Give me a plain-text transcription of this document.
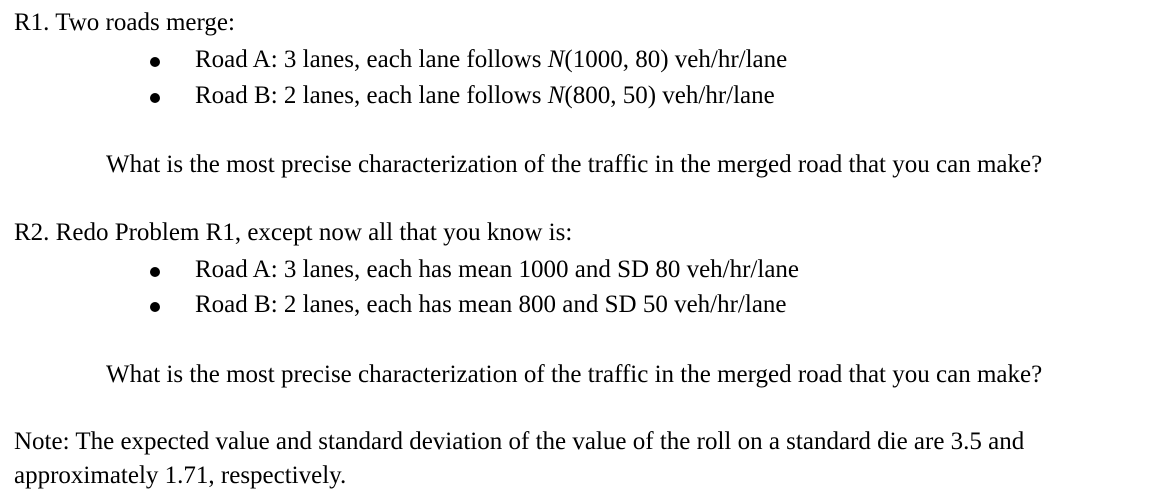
R1. Two roads merge:
Road A: 3 lanes, each lane follows N(1000, 80) veh/hr/lane
Road B: 2 lanes, each lane follows N(800, 50) veh/hr/lane
What is the most precise characterization of the traffic in the merged road that you can make?
R2. Redo Problem R1, except now all that you know is:
Road A: 3 lanes, each has mean 1000 and SD 80 veh/hr/lane
Road B: 2 lanes, each has mean 800 and SD 50 veh/hr/lane
What is the most precise characterization of the traffic in the merged road that you can make?
Note: The expected value and standard deviation of the value of the roll on a standard die are 3.5 and
approximately 1.71, respectively.
